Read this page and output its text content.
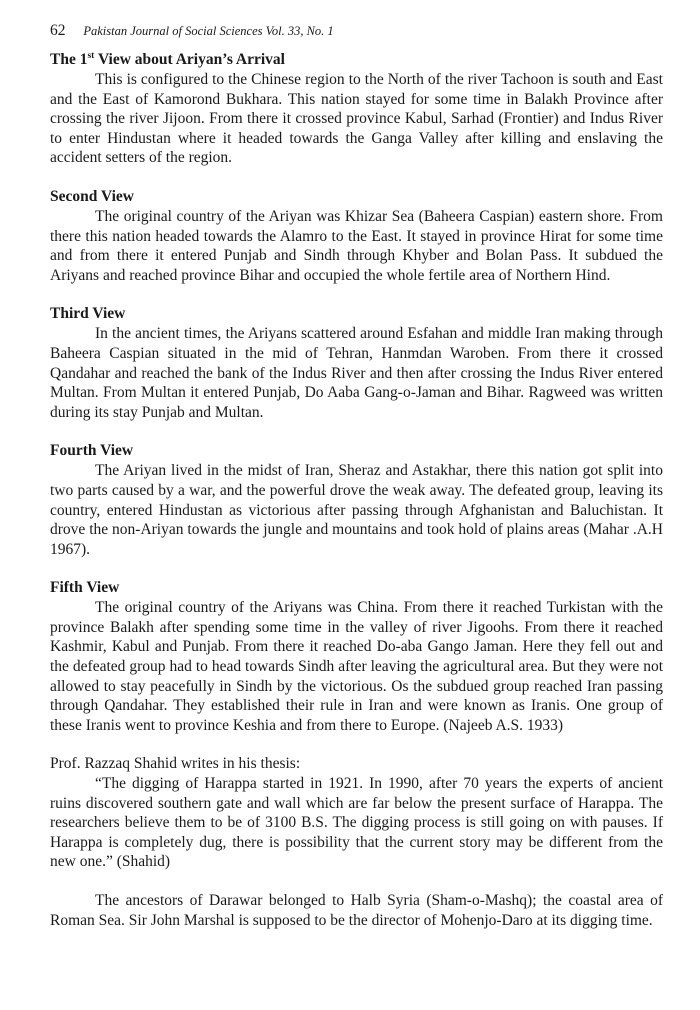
62 Pakistan Journal of Social Sciences Vol. 33, No. 1
The 1st View about Ariyan’s Arrival

This is configured to the Chinese region to the North of the river Tachoon is south and East and the East of Kamorond Bukhara. This nation stayed for some time in Balakh Province after crossing the river Jijoon. From there it crossed province Kabul, Sarhad (Frontier) and Indus River to enter Hindustan where it headed towards the Ganga Valley after killing and enslaving the accident setters of the region.

Second View

The original country of the Ariyan was Khizar Sea (Baheera Caspian) eastern shore. From there this nation headed towards the Alamro to the East. It stayed in province Hirat for some time and from there it entered Punjab and Sindh through Khyber and Bolan Pass. It subdued the Ariyans and reached province Bihar and occupied the whole fertile area of Northern Hind.

Third View

In the ancient times, the Ariyans scattered around Esfahan and middle Iran making through Baheera Caspian situated in the mid of Tehran, Hanmdan Waroben. From there it crossed Qandahar and reached the bank of the Indus River and then after crossing the Indus River entered Multan. From Multan it entered Punjab, Do Aaba Gang-o-Jaman and Bihar. Ragweed was written during its stay Punjab and Multan.

Fourth View

The Ariyan lived in the midst of Iran, Sheraz and Astakhar, there this nation got split into two parts caused by a war, and the powerful drove the weak away. The defeated group, leaving its country, entered Hindustan as victorious after passing through Afghanistan and Baluchistan. It drove the non-Ariyan towards the jungle and mountains and took hold of plains areas (Mahar .A.H 1967).

Fifth View

The original country of the Ariyans was China. From there it reached Turkistan with the province Balakh after spending some time in the valley of river Jigoohs. From there it reached Kashmir, Kabul and Punjab. From there it reached Do-aba Gango Jaman. Here they fell out and the defeated group had to head towards Sindh after leaving the agricultural area. But they were not allowed to stay peacefully in Sindh by the victorious. Os the subdued group reached Iran passing through Qandahar. They established their rule in Iran and were known as Iranis. One group of these Iranis went to province Keshia and from there to Europe. (Najeeb A.S. 1933)

Prof. Razzaq Shahid writes in his thesis:

“The digging of Harappa started in 1921. In 1990, after 70 years the experts of ancient ruins discovered southern gate and wall which are far below the present surface of Harappa. The researchers believe them to be of 3100 B.S. The digging process is still going on with pauses. If Harappa is completely dug, there is possibility that the current story may be different from the new one.” (Shahid)

The ancestors of Darawar belonged to Halb Syria (Sham-o-Mashq); the coastal area of Roman Sea. Sir John Marshal is supposed to be the director of Mohenjo-Daro at its digging time.
